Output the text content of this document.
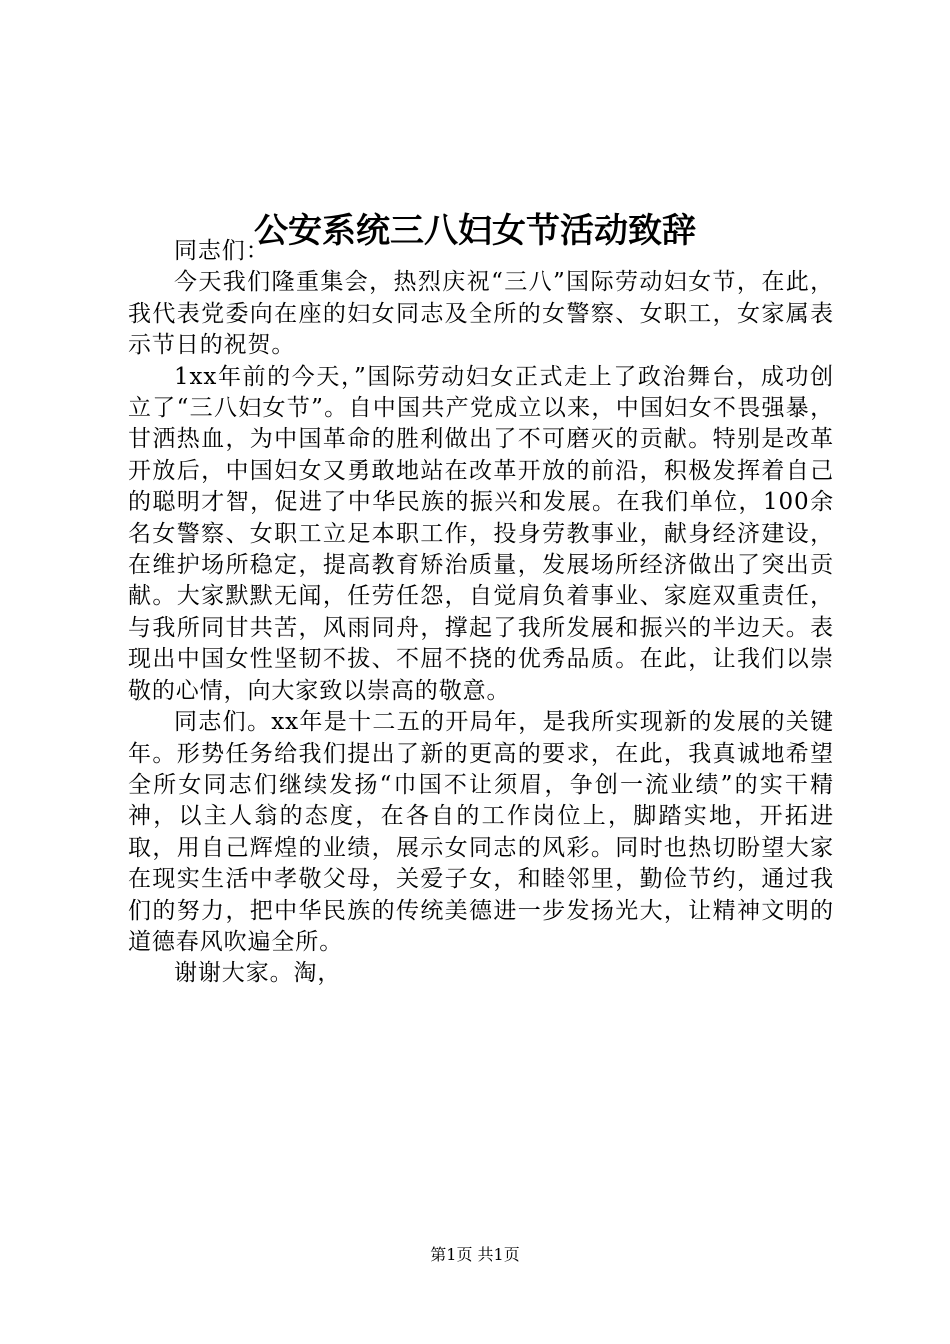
公安系统三八妇女节活动致辞

同志们：

今天我们隆重集会，热烈庆祝“三八”国际劳动妇女节，在此，我代表党委向在座的妇女同志及全所的女警察、女职工，女家属表示节日的祝贺。

1xx年前的今天，”国际劳动妇女正式走上了政治舞台，成功创立了“三八妇女节”。自中国共产党成立以来，中国妇女不畏强暴，甘洒热血，为中国革命的胜利做出了不可磨灭的贡献。特别是改革开放后，中国妇女又勇敢地站在改革开放的前沿，积极发挥着自己的聪明才智，促进了中华民族的振兴和发展。在我们单位，100余名女警察、女职工立足本职工作，投身劳教事业，献身经济建设，在维护场所稳定，提高教育矫治质量，发展场所经济做出了突出贡献。大家默默无闻，任劳任怨，自觉肩负着事业、家庭双重责任，与我所同甘共苦，风雨同舟，撑起了我所发展和振兴的半边天。表现出中国女性坚韧不拔、不屈不挠的优秀品质。在此，让我们以崇敬的心情，向大家致以崇高的敬意。

同志们。xx年是十二五的开局年，是我所实现新的发展的关键年。形势任务给我们提出了新的更高的要求，在此，我真诚地希望全所女同志们继续发扬“巾国不让须眉，争创一流业绩”的实干精神，以主人翁的态度，在各自的工作岗位上，脚踏实地，开拓进取，用自己辉煌的业绩，展示女同志的风彩。同时也热切盼望大家在现实生活中孝敬父母，关爱子女，和睦邻里，勤俭节约，通过我们的努力，把中华民族的传统美德进一步发扬光大，让精神文明的道德春风吹遍全所。

谢谢大家。淘，

第1页 共1页
